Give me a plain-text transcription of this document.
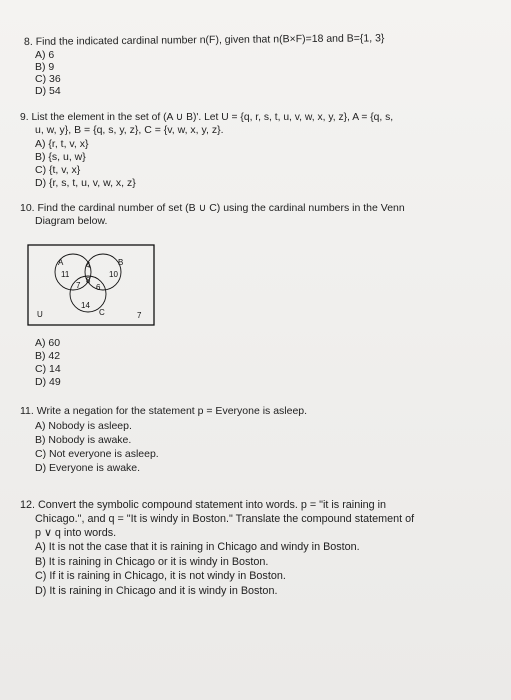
8. Find the indicated cardinal number n(F), given that n(B×F)=18 and B={1, 3}
A) 6
B) 9
C) 36
D) 54
9. List the element in the set of (A ∪ B)'. Let U = {q, r, s, t, u, v, w, x, y, z}, A = {q, s,
u, w, y}, B = {q, s, y, z}, C = {v, w, x, y, z}.
A) {r, t, v, x}
B) {s, u, w}
C) {t, v, x}
D) {r, s, t, u, v, w, x, z}
10. Find the cardinal number of set (B ∪ C) using the cardinal numbers in the Venn
Diagram below.
A	B
C
U
11
4
10
7
8
6
14
7
A) 60
B) 42
C) 14
D) 49
11. Write a negation for the statement p = Everyone is asleep.
A) Nobody is asleep.
B) Nobody is awake.
C) Not everyone is asleep.
D) Everyone is awake.
12. Convert the symbolic compound statement into words. p = "it is raining in
Chicago.", and q = "It is windy in Boston." Translate the compound statement of
p ∨ q into words.
A) It is not the case that it is raining in Chicago and windy in Boston.
B) It is raining in Chicago or it is windy in Boston.
C) If it is raining in Chicago, it is not windy in Boston.
D) It is raining in Chicago and it is windy in Boston.
